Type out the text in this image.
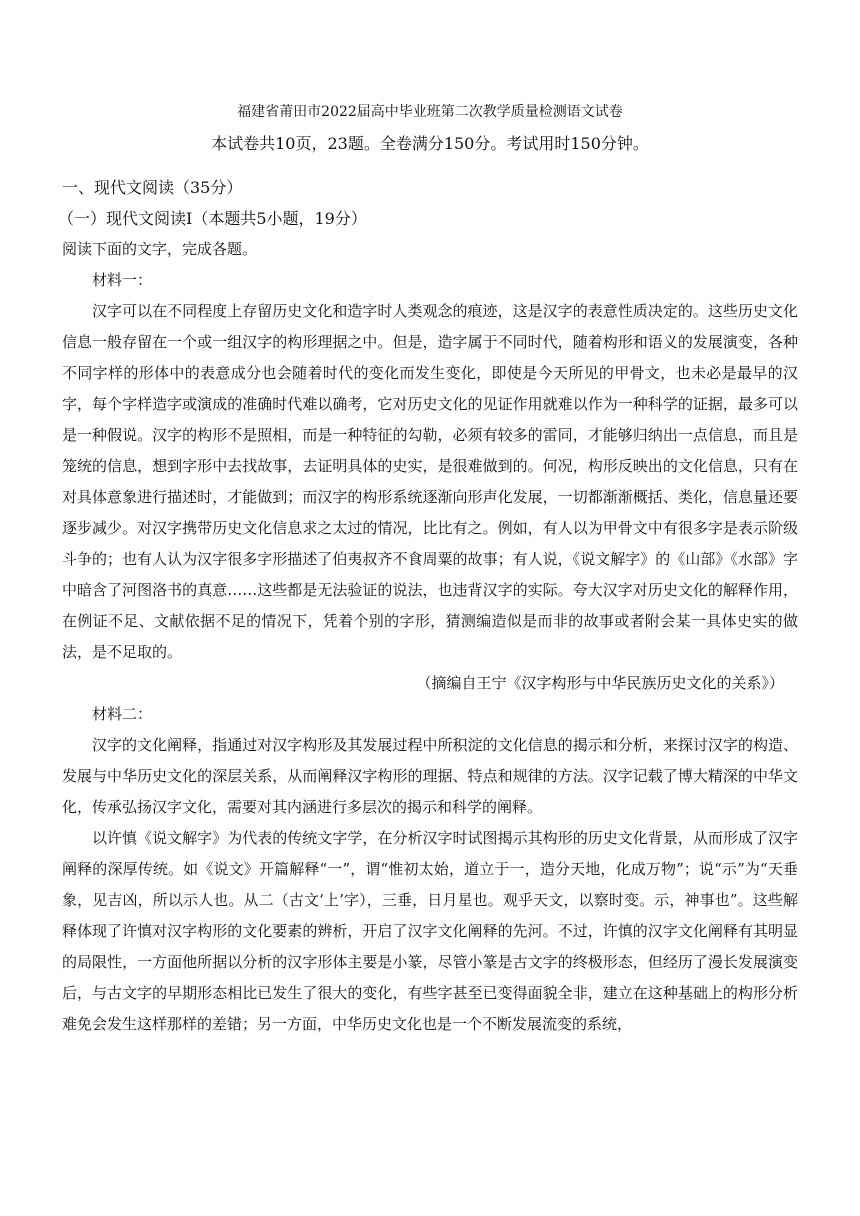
福建省莆田市2022届高中毕业班第二次教学质量检测语文试卷
本试卷共10页，23题。全卷满分150分。考试用时150分钟。
一、现代文阅读（35分）
（一）现代文阅读Ⅰ（本题共5小题，19分）

阅读下面的文字，完成各题。

材料一：

汉字可以在不同程度上存留历史文化和造字时人类观念的痕迹，这是汉字的表意性质决定的。这些历史文化信息一般存留在一个或一组汉字的构形理据之中。但是，造字属于不同时代，随着构形和语义的发展演变，各种不同字样的形体中的表意成分也会随着时代的变化而发生变化，即使是今天所见的甲骨文，也未必是最早的汉字，每个字样造字或演成的准确时代难以确考，它对历史文化的见证作用就难以作为一种科学的证据，最多可以是一种假说。汉字的构形不是照相，而是一种特征的勾勒，必须有较多的雷同，才能够归纳出一点信息，而且是笼统的信息，想到字形中去找故事，去证明具体的史实，是很难做到的。何况，构形反映出的文化信息，只有在对具体意象进行描述时，才能做到；而汉字的构形系统逐渐向形声化发展，一切都渐渐概括、类化，信息量还要逐步减少。对汉字携带历史文化信息求之太过的情况，比比有之。例如，有人以为甲骨文中有很多字是表示阶级斗争的；也有人认为汉字很多字形描述了伯夷叔齐不食周粟的故事；有人说，《说文解字》的《山部》《水部》字中暗含了河图洛书的真意……这些都是无法验证的说法，也违背汉字的实际。夸大汉字对历史文化的解释作用，在例证不足、文献依据不足的情况下，凭着个别的字形，猜测编造似是而非的故事或者附会某一具体史实的做法，是不足取的。

（摘编自王宁《汉字构形与中华民族历史文化的关系》）

材料二：

汉字的文化阐释，指通过对汉字构形及其发展过程中所积淀的文化信息的揭示和分析，来探讨汉字的构造、发展与中华历史文化的深层关系，从而阐释汉字构形的理据、特点和规律的方法。汉字记载了博大精深的中华文化，传承弘扬汉字文化，需要对其内涵进行多层次的揭示和科学的阐释。

以许慎《说文解字》为代表的传统文字学，在分析汉字时试图揭示其构形的历史文化背景，从而形成了汉字阐释的深厚传统。如《说文》开篇解释“一”，谓“惟初太始，道立于一，造分天地，化成万物”；说“示”为“天垂象，见吉凶，所以示人也。从二（古文‘上’字），三垂，日月星也。观乎天文，以察时变。示，神事也”。这些解释体现了许慎对汉字构形的文化要素的辨析，开启了汉字文化阐释的先河。不过，许慎的汉字文化阐释有其明显的局限性，一方面他所据以分析的汉字形体主要是小篆，尽管小篆是古文字的终极形态，但经历了漫长发展演变后，与古文字的早期形态相比已发生了很大的变化，有些字甚至已变得面貌全非，建立在这种基础上的构形分析难免会发生这样那样的差错；另一方面，中华历史文化也是一个不断发展流变的系统，
